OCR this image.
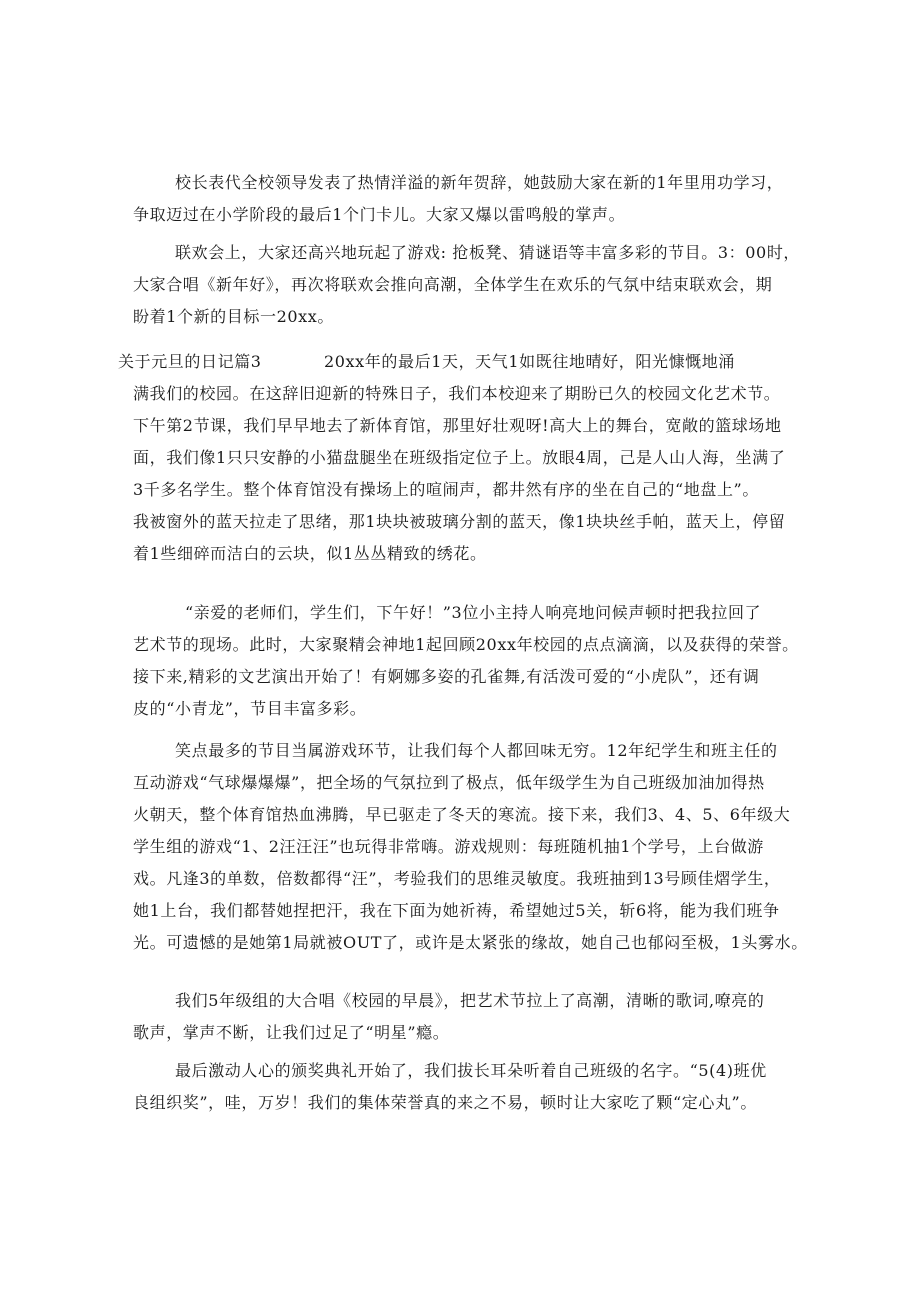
校长表代全校领导发表了热情洋溢的新年贺辞，她鼓励大家在新的1年里用功学习，
争取迈过在小学阶段的最后1个门卡儿。大家又爆以雷鸣般的掌声。
联欢会上，大家还高兴地玩起了游戏: 抢板凳、猜谜语等丰富多彩的节目。3：00时，
大家合唱《新年好》，再次将联欢会推向高潮，全体学生在欢乐的气氛中结束联欢会，期
盼着1个新的目标一20xx。
关于元旦的日记篇3	20xx年的最后1天，天气1如既往地晴好，阳光慷慨地涌
满我们的校园。在这辞旧迎新的特殊日子，我们本校迎来了期盼已久的校园文化艺术节。
下午第2节课，我们早早地去了新体育馆，那里好壮观呀!高大上的舞台，宽敞的篮球场地
面，我们像1只只安静的小猫盘腿坐在班级指定位子上。放眼4周，己是人山人海，坐满了
3千多名学生。整个体育馆没有操场上的喧闹声，都井然有序的坐在自己的“地盘上”。
我被窗外的蓝天拉走了思绪，那1块块被玻璃分割的蓝天，像1块块丝手帕，蓝天上，停留
着1些细碎而洁白的云块，似1丛丛精致的绣花。
“亲爱的老师们，学生们，下午好！”3位小主持人响亮地问候声顿时把我拉回了
艺术节的现场。此时，大家聚精会神地1起回顾20xx年校园的点点滴滴，以及获得的荣誉。
接下来,精彩的文艺演出开始了！有婀娜多姿的孔雀舞,有活泼可爱的“小虎队”，还有调
皮的“小青龙”，节目丰富多彩。
笑点最多的节目当属游戏环节，让我们每个人都回味无穷。12年纪学生和班主任的
互动游戏“气球爆爆爆”，把全场的气氛拉到了极点，低年级学生为自己班级加油加得热
火朝天，整个体育馆热血沸腾，早已驱走了冬天的寒流。接下来，我们3、4、5、6年级大
学生组的游戏“1、2汪汪汪”也玩得非常嗨。游戏规则：每班随机抽1个学号，上台做游
戏。凡逢3的单数，倍数都得“汪”，考验我们的思维灵敏度。我班抽到13号顾佳熠学生，
她1上台，我们都替她捏把汗，我在下面为她祈祷，希望她过5关，斩6将，能为我们班争
光。可遗憾的是她第1局就被OUT了，或许是太紧张的缘故，她自己也郁闷至极，1头雾水。
我们5年级组的大合唱《校园的早晨》，把艺术节拉上了高潮，清晰的歌词,嘹亮的
歌声，掌声不断，让我们过足了“明星”瘾。
最后激动人心的颁奖典礼开始了，我们拔长耳朵听着自己班级的名字。“5(4)班优
良组织奖”，哇，万岁！我们的集体荣誉真的来之不易，顿时让大家吃了颗“定心丸”。
